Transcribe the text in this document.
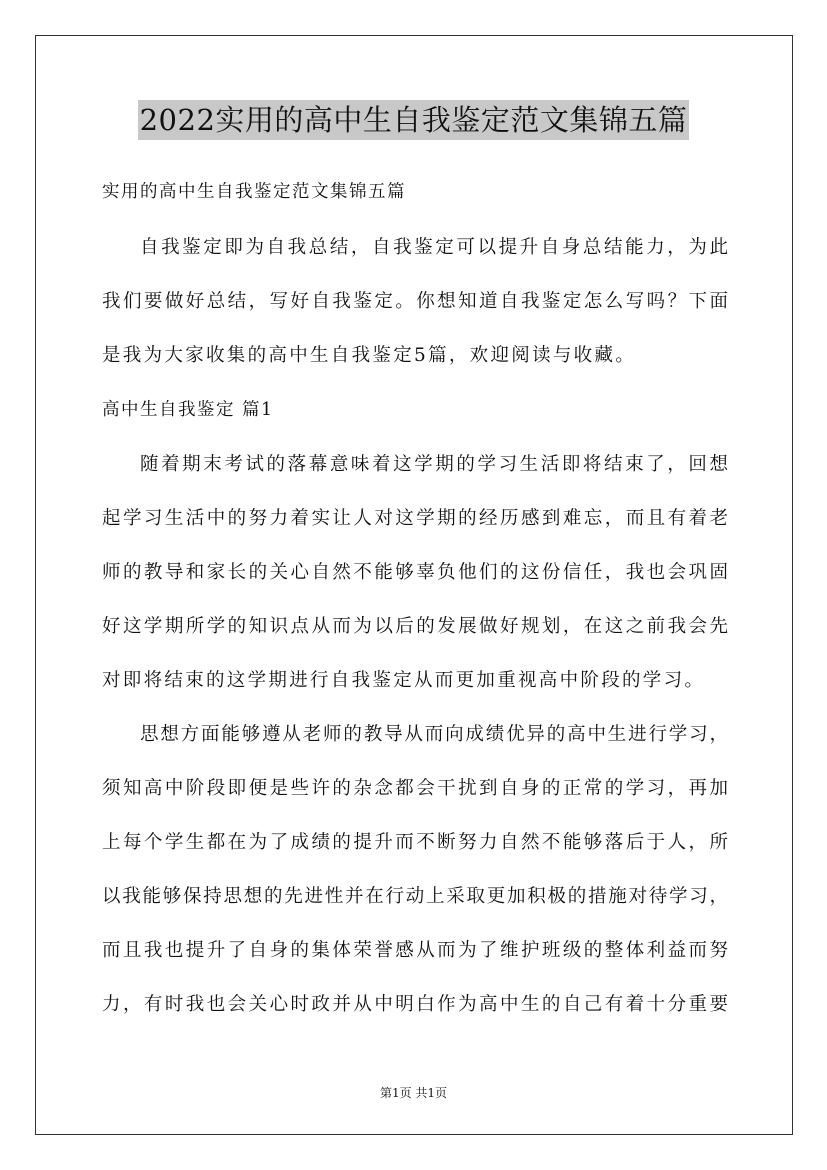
2022实用的高中生自我鉴定范文集锦五篇
实用的高中生自我鉴定范文集锦五篇
自我鉴定即为自我总结，自我鉴定可以提升自身总结能力，为此
我们要做好总结，写好自我鉴定。你想知道自我鉴定怎么写吗？下面
是我为大家收集的高中生自我鉴定5篇，欢迎阅读与收藏。
高中生自我鉴定 篇1
随着期末考试的落幕意味着这学期的学习生活即将结束了，回想
起学习生活中的努力着实让人对这学期的经历感到难忘，而且有着老
师的教导和家长的关心自然不能够辜负他们的这份信任，我也会巩固
好这学期所学的知识点从而为以后的发展做好规划，在这之前我会先
对即将结束的这学期进行自我鉴定从而更加重视高中阶段的学习。
思想方面能够遵从老师的教导从而向成绩优异的高中生进行学习，
须知高中阶段即便是些许的杂念都会干扰到自身的正常的学习，再加
上每个学生都在为了成绩的提升而不断努力自然不能够落后于人，所
以我能够保持思想的先进性并在行动上采取更加积极的措施对待学习，
而且我也提升了自身的集体荣誉感从而为了维护班级的整体利益而努
力，有时我也会关心时政并从中明白作为高中生的自己有着十分重要
第1页 共1页
